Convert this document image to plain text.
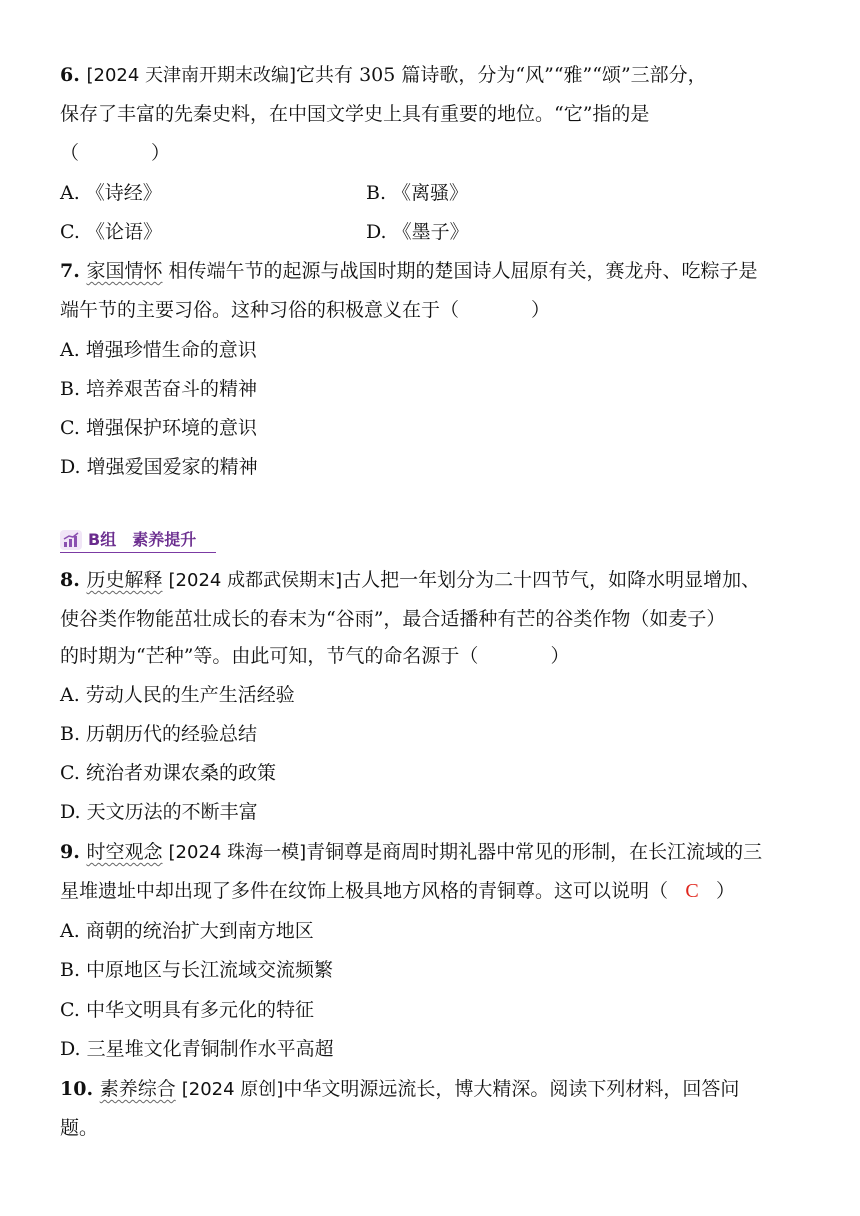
6. [2024 天津南开期末改编]它共有 305 篇诗歌，分为“风”“雅”“颂”三部分，
保存了丰富的先秦史料，在中国文学史上具有重要的地位。“它”指的是
（	）
A. 《诗经》	B. 《离骚》
C. 《论语》	D. 《墨子》
7. 家国情怀 相传端午节的起源与战国时期的楚国诗人屈原有关，赛龙舟、吃粽子是
端午节的主要习俗。这种习俗的积极意义在于（	）
A. 增强珍惜生命的意识
B. 培养艰苦奋斗的精神
C. 增强保护环境的意识
D. 增强爱国爱家的精神
B组　素养提升
8. 历史解释 [2024 成都武侯期末]古人把一年划分为二十四节气，如降水明显增加、
使谷类作物能茁壮成长的春末为“谷雨”，最合适播种有芒的谷类作物（如麦子）
的时期为“芒种”等。由此可知，节气的命名源于（	）
A. 劳动人民的生产生活经验
B. 历朝历代的经验总结
C. 统治者劝课农桑的政策
D. 天文历法的不断丰富
9. 时空观念 [2024 珠海一模]青铜尊是商周时期礼器中常见的形制，在长江流域的三
星堆遗址中却出现了多件在纹饰上极具地方风格的青铜尊。这可以说明（ C ）
A. 商朝的统治扩大到南方地区
B. 中原地区与长江流域交流频繁
C. 中华文明具有多元化的特征
D. 三星堆文化青铜制作水平高超
10. 素养综合 [2024 原创]中华文明源远流长，博大精深。阅读下列材料，回答问
题。
